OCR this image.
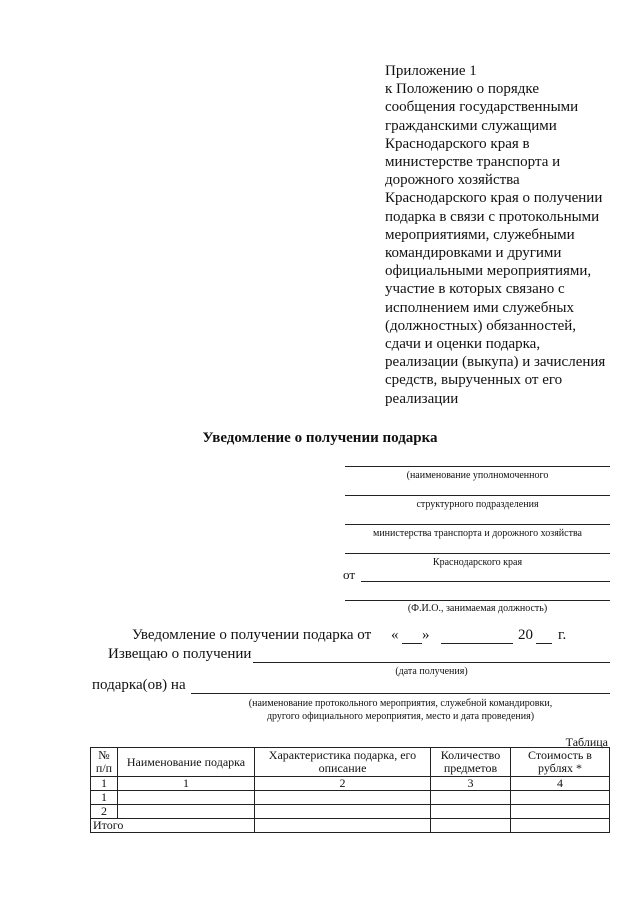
Приложение 1
к Положению о порядке
сообщения государственными
гражданскими служащими
Краснодарского края в
министерстве транспорта и
дорожного хозяйства
Краснодарского края о получении
подарка в связи с протокольными
мероприятиями, служебными
командировками и другими
официальными мероприятиями,
участие в которых связано с
исполнением ими служебных
(должностных) обязанностей,
сдачи и оценки подарка,
реализации (выкупа) и зачисления
средств, вырученных от его
реализации
Уведомление о получении подарка
(наименование уполномоченного
структурного подразделения
министерства транспорта и дорожного хозяйства
Краснодарского края
от
(Ф.И.О., занимаемая должность)
Уведомление о получении подарка от « »	20 г.
Извещаю о получении
(дата получения)
подарка(ов) на
(наименование протокольного мероприятия, служебной командировки,
другого официального мероприятия, место и дата проведения)
Таблица
№ п/п	Наименование подарка	Характеристика подарка, его описание	Количество предметов	Стоимость в рублях *
1	1	2	3	4
1				
2				
Итого				
